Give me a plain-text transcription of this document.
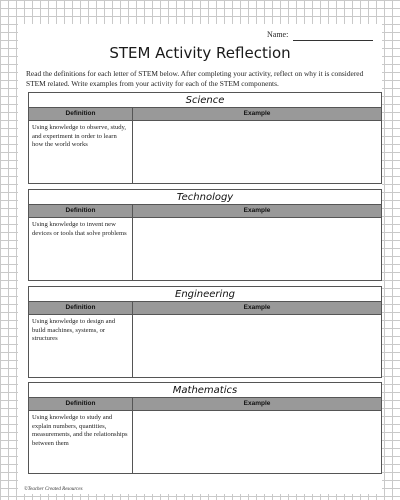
Name:
STEM Activity Reflection

Read the definitions for each letter of STEM below. After completing your activity, reflect on why it is considered STEM related. Write examples from your activity for each of the STEM components.

Science
Definition	Example
Using knowledge to observe, study, and experiment in order to learn how the world works
Technology
Definition	Example
Using knowledge to invent new devices or tools that solve problems
Engineering
Definition	Example
Using knowledge to design and build machines, systems, or structures
Mathematics
Definition	Example
Using knowledge to study and explain numbers, quantities, measurements, and the relationships between them
©Teacher Created Resources
